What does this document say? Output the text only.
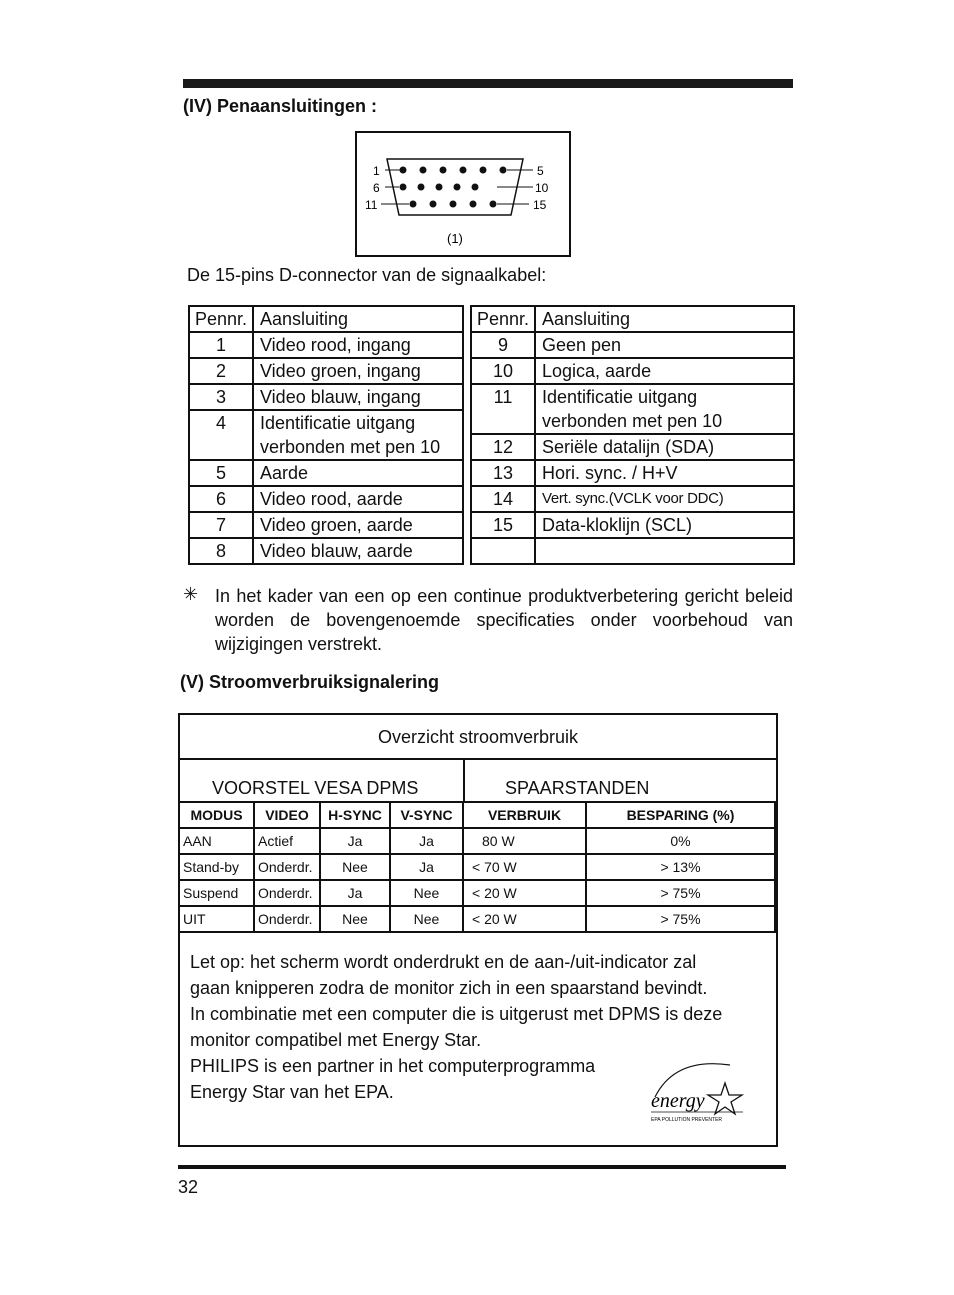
(IV) Penaansluitingen :
1
6
11
5
10
15
(1)
De 15-pins D-connector van de signaalkabel:
Pennr.	Aansluiting		Pennr.	Aansluiting
1	Video rood, ingang		9	Geen pen
2	Video groen, ingang		10	Logica, aarde
3	Video blauw, ingang		11	Identificatie uitgang
verbonden met pen 10

4	Identificatie uitgang
verbonden met pen 10			

			12	Seriële datalijn (SDA)
5	Aarde		13	Hori. sync. / H+V
6	Video rood, aarde		14	Vert. sync.(VCLK voor DDC)
7	Video groen, aarde		15	Data-kloklijn (SCL)
8	Video blauw, aarde			
✳ In het kader van een op een continue produktverbetering gericht beleid worden de bovengenoemde specificaties onder voorbehoud van wijzigingen verstrekt.
(V) Stroomverbruiksignalering
Overzicht stroomverbruik
VOORSTEL VESA DPMS	SPAARSTANDEN
MODUS	VIDEO	H-SYNC	V-SYNC	VERBRUIK	BESPARING (%)
AAN	Actief	Ja	Ja	80 W	0%
Stand-by	Onderdr.	Nee	Ja	< 70 W	> 13%
Suspend	Onderdr.	Ja	Nee	< 20 W	> 75%
UIT	Onderdr.	Nee	Nee	< 20 W	> 75%
Let op: het scherm wordt onderdrukt en de aan-/uit-indicator zal
gaan knipperen zodra de monitor zich in een spaarstand bevindt.
In combinatie met een computer die is uitgerust met DPMS is deze
monitor compatibel met Energy Star.
PHILIPS is een partner in het computerprogramma
Energy Star van het EPA.	energy
EPA POLLUTION PREVENTER
32
